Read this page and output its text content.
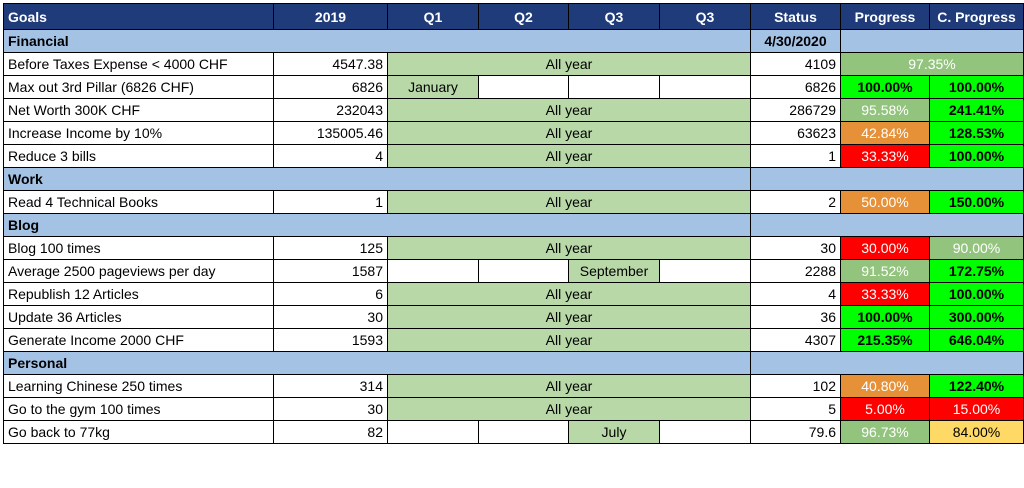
Goals	2019	Q1	Q2	Q3	Q3	Status	Progress	C. Progress
Financial						4/30/2020		
Before Taxes Expense < 4000 CHF	4547.38	All year				4109	97.35%	
Max out 3rd Pillar (6826 CHF)	6826	January				6826	100.00%	100.00%
Net Worth 300K CHF	232043	All year				286729	95.58%	241.41%
Increase Income by 10%	135005.46	All year				63623	42.84%	128.53%
Reduce 3 bills	4	All year				1	33.33%	100.00%
Work								
Read 4 Technical Books	1	All year				2	50.00%	150.00%
Blog								
Blog 100 times	125	All year				30	30.00%	90.00%
Average 2500 pageviews per day	1587			September		2288	91.52%	172.75%
Republish 12 Articles	6	All year				4	33.33%	100.00%
Update 36 Articles	30	All year				36	100.00%	300.00%
Generate Income 2000 CHF	1593	All year				4307	215.35%	646.04%
Personal								
Learning Chinese 250 times	314	All year				102	40.80%	122.40%
Go to the gym 100 times	30	All year				5	5.00%	15.00%
Go back to 77kg	82			July		79.6	96.73%	84.00%
